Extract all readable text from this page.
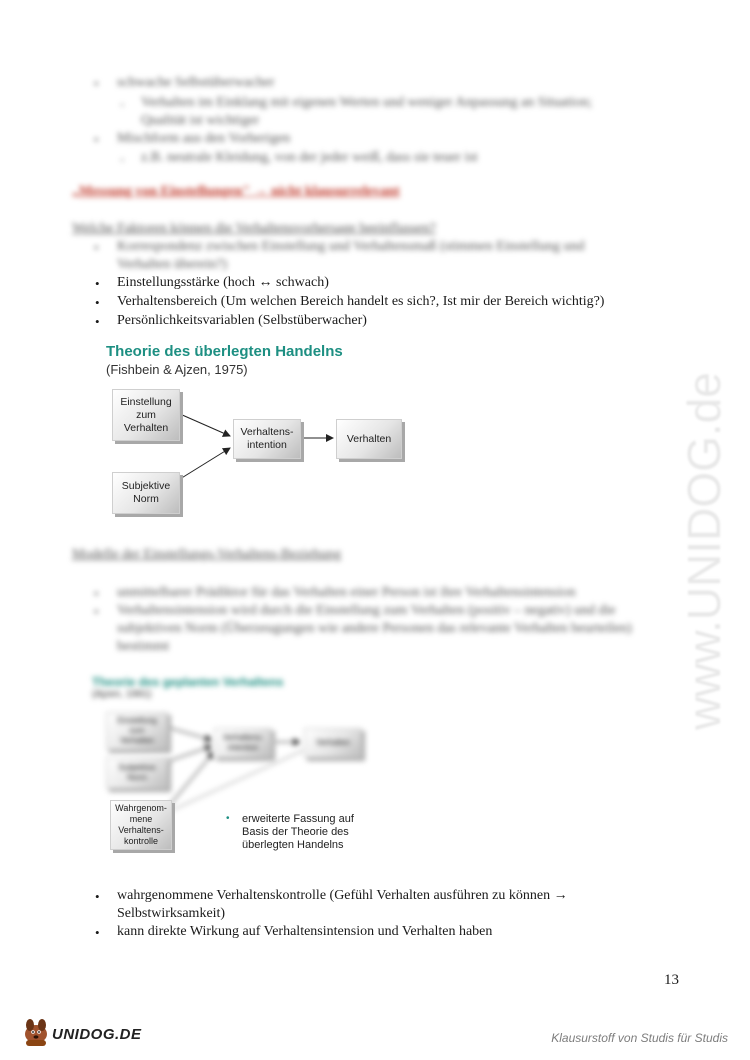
• schwache Selbstüberwacher
- Verhalten im Einklang mit eigenen Werten und weniger Anpassung an Situation;
Qualität ist wichtiger
• Mischform aus den Vorherigen
- z.B. neutrale Kleidung, von der jeder weiß, dass sie teuer ist
„Messung von Einstellungen" → nicht klausurrelevant
Welche Faktoren können die Verhaltensvorhersage beeinflussen?
• Korrespondenz zwischen Einstellung und Verhaltensmaß (stimmen Einstellung und
Verhalten überein?)
• Einstellungsstärke (hoch ↔ schwach)
• Verhaltensbereich (Um welchen Bereich handelt es sich?, Ist mir der Bereich wichtig?)
• Persönlichkeitsvariablen (Selbstüberwacher)
Theorie des überlegten Handelns
(Fishbein & Ajzen, 1975)
Einstellung
zum
Verhalten
Subjektive
Norm
Verhaltens-
intention
Verhalten
Modelle der Einstellungs-Verhaltens-Beziehung
• unmittelbarer Prädiktor für das Verhalten einer Person ist ihre Verhaltensintension
• Verhaltensintension wird durch die Einstellung zum Verhalten (positiv – negativ) und die
subjektiven Norm (Überzeugungen wie andere Personen das relevante Verhalten beurteilen)
bestimmt
Theorie des geplanten Verhaltens
(Ajzen, 1991)
Einstellung
zum
Verhalten
Subjektive
Norm
Verhaltens-
intention
Verhalten
Wahrgenom-
mene
Verhaltens-
kontrolle
• erweiterte Fassung auf
Basis der Theorie des
überlegten Handelns
• wahrgenommene Verhaltenskontrolle (Gefühl Verhalten ausführen zu können →
Selbstwirksamkeit)
• kann direkte Wirkung auf Verhaltensintension und Verhalten haben
www.UNIDOG.de
13
UNIDOG.DE	Klausurstoff von Studis für Studis
